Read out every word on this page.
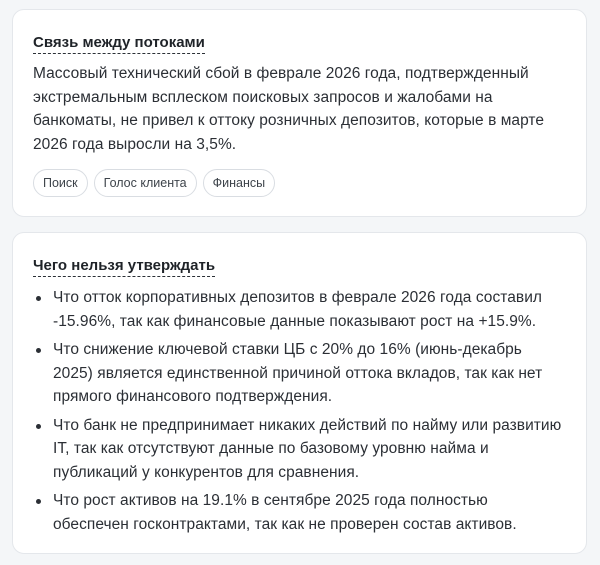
Связь между потоками
Массовый технический сбой в феврале 2026 года, подтвержденный экстремальным всплеском поисковых запросов и жалобами на банкоматы, не привел к оттоку розничных депозитов, которые в марте 2026 года выросли на 3,5%.
Поиск	Голос клиента	Финансы
Чего нельзя утверждать
Что отток корпоративных депозитов в феврале 2026 года составил -15.96%, так как финансовые данные показывают рост на +15.9%.
Что снижение ключевой ставки ЦБ с 20% до 16% (июнь-декабрь 2025) является единственной причиной оттока вкладов, так как нет прямого финансового подтверждения.
Что банк не предпринимает никаких действий по найму или развитию IT, так как отсутствуют данные по базовому уровню найма и публикаций у конкурентов для сравнения.
Что рост активов на 19.1% в сентябре 2025 года полностью обеспечен госконтрактами, так как не проверен состав активов.
